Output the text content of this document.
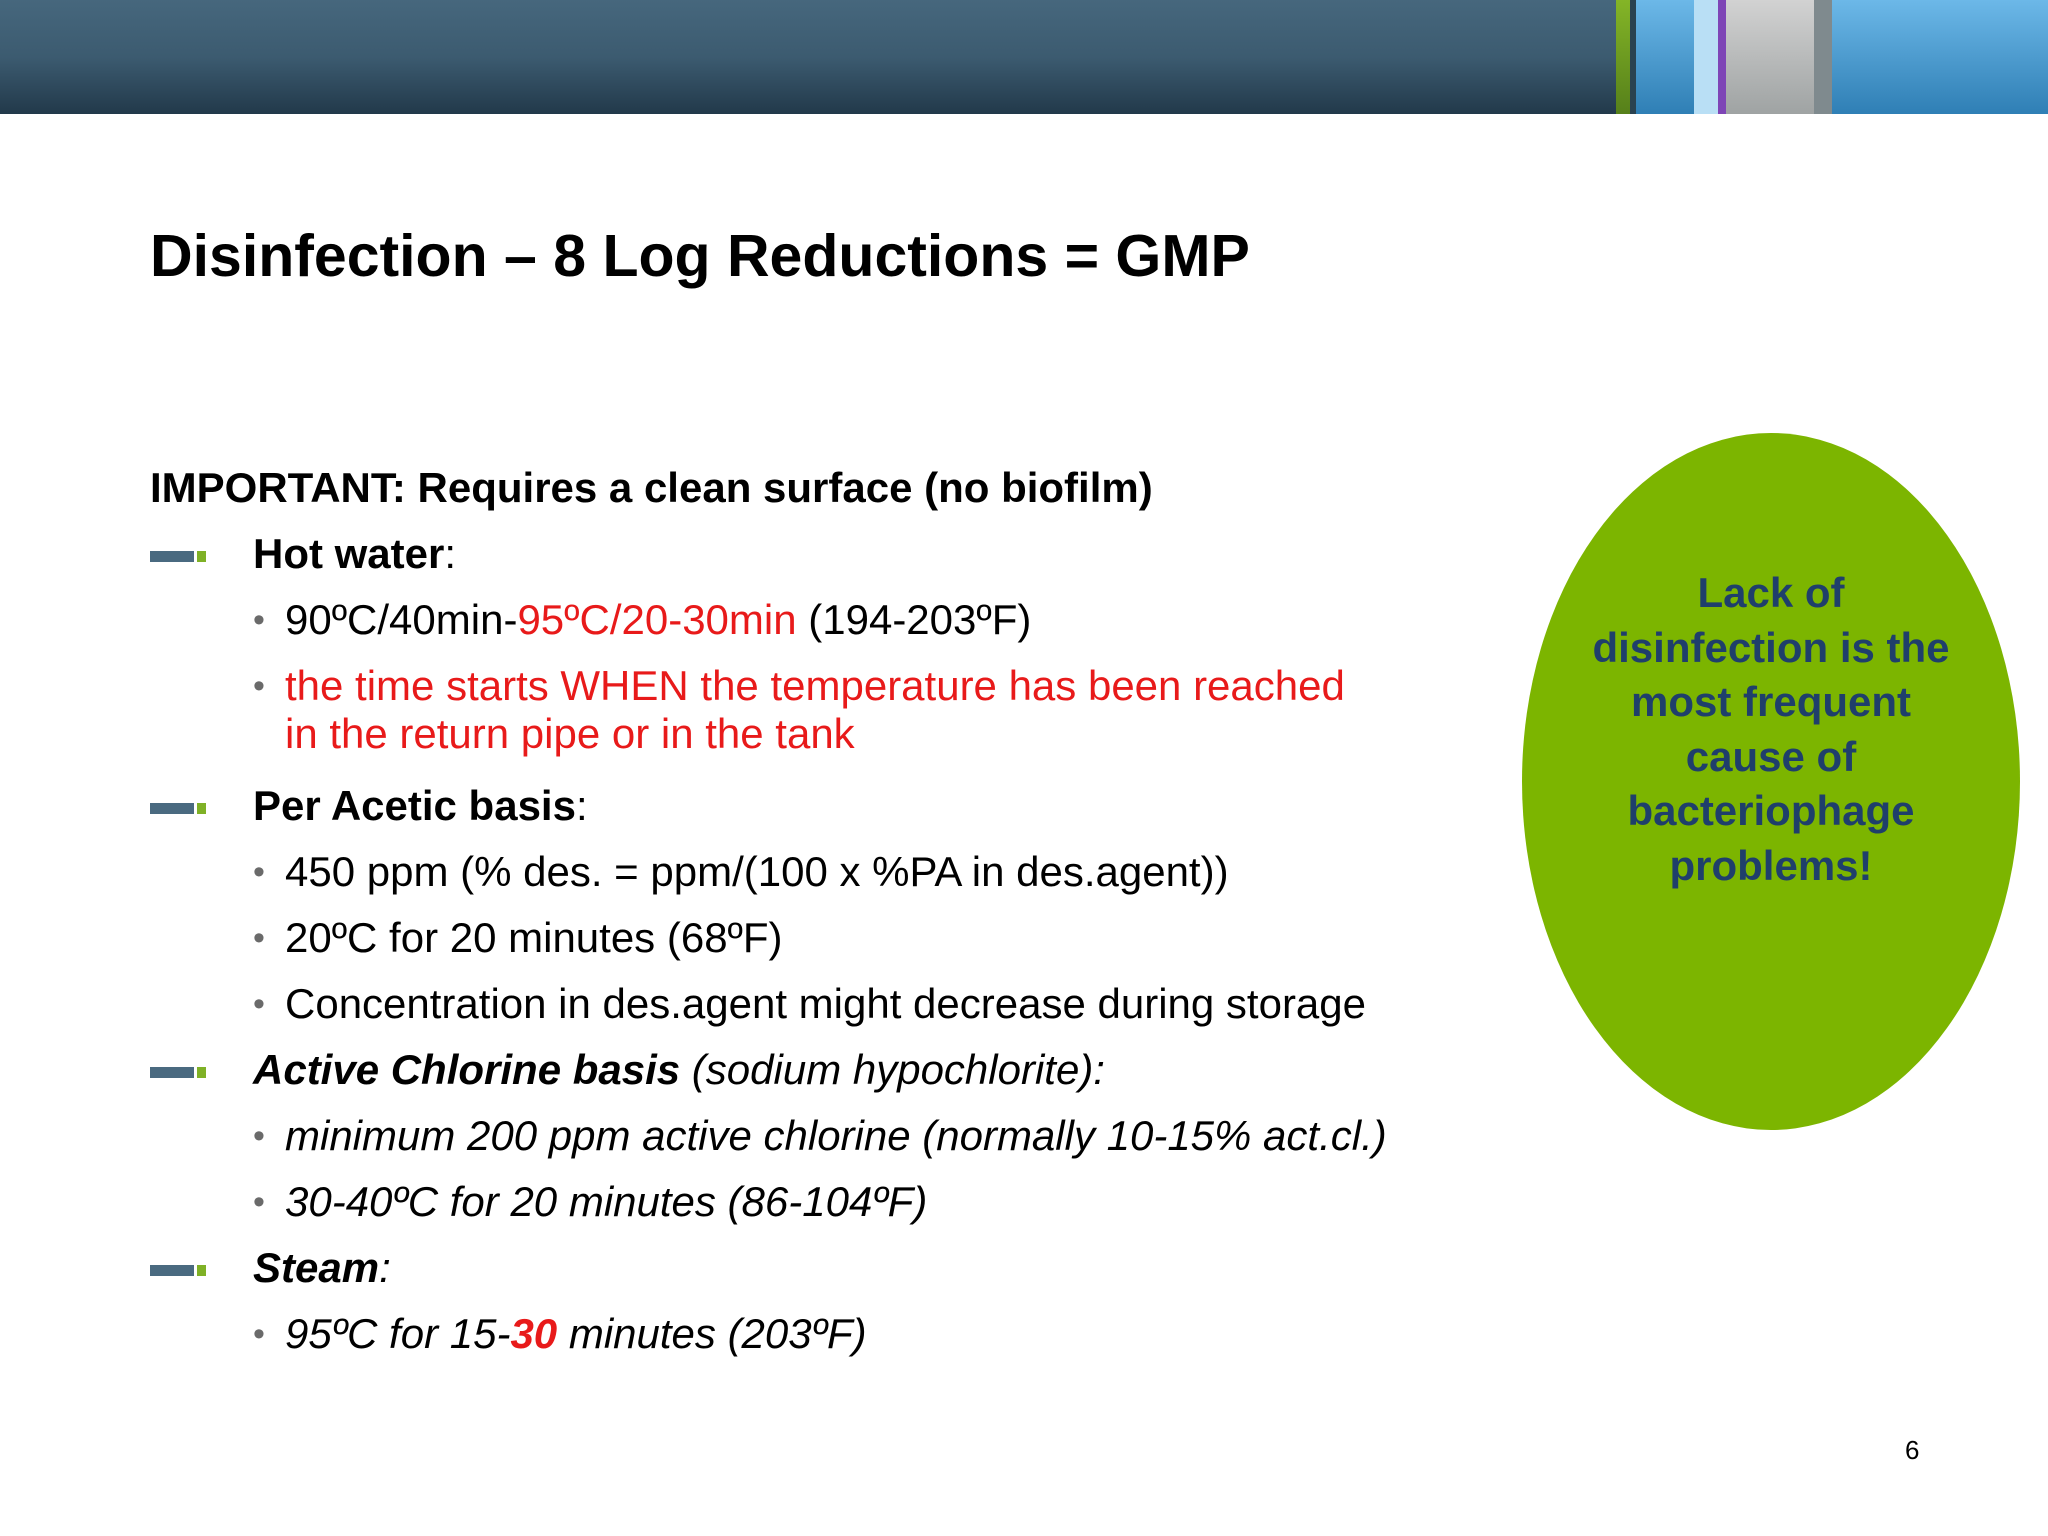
Disinfection – 8 Log Reductions = GMP
IMPORTANT: Requires a clean surface (no biofilm)
Hot water:
• 90ºC/40min-95ºC/20-30min (194-203ºF)
• the time starts WHEN the temperature has been reached
in the return pipe or in the tank
Per Acetic basis:
• 450 ppm (% des. = ppm/(100 x %PA in des.agent))
• 20ºC for 20 minutes (68ºF)
• Concentration in des.agent might decrease during storage
Active Chlorine basis (sodium hypochlorite):
• minimum 200 ppm active chlorine (normally 10-15% act.cl.)
• 30-40ºC for 20 minutes (86-104ºF)
Steam:
• 95ºC for 15-30 minutes (203ºF)
Lack of disinfection is the most frequent cause of bacteriophage problems!
6
